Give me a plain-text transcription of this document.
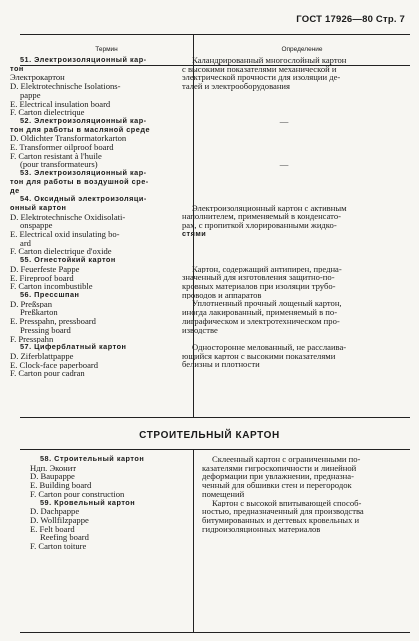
ГОСТ 17926—80 Стр. 7
Термин	Определение
51. Электроизоляционный кар-
тон
Электрокартон
D. Elektrotechnische Isolations-
pappe
E. Electrical insulation board
F. Carton dielectrique
52. Электроизоляционный кар-
тон для работы в масляной среде
D. Oldichter Transformatorkarton
E. Transformer oilproof board
F. Carton resistant à l'huile
(pour transformateurs)
53. Электроизоляционный кар-
тон для работы в воздушной сре-
де
54. Оксидный электроизоляци-
онный картон
D. Elektrotechnische Oxidisolati-
onspappe
E. Electrical oxid insulating bo-
ard
F. Carton dielectrique d'oxide
55. Огнестойкий картон
D. Feuerfeste Pappe
E. Fireproof board
F. Carton incombustible
56. Прессшпан
D. Preßspan
Preßkarton
E. Presspahn, pressboard
Pressing board
F. Presspahn
57. Циферблатный картон
D. Ziferblattpappe
E. Clock-face paperboard
F. Carton pour cadran
Каландрированный многослойный картон
с высокими показателями механической и
электрической прочности для изоляции де-
талей и электрооборудования
—
—
Электроизоляционный картон с активным
наполнителем, применяемый в конденсато-
рах, с пропиткой хлорированными жидко-
стями
Картон, содержащий антипирен, предна-
значенный для изготовления защитно-по-
кровных материалов при изоляции трубо-
проводов и аппаратов
Уплотненный прочный лощеный картон,
иногда лакированный, применяемый в по-
лиграфическом и электротехническом про-
изводстве
Односторонне мелованный, не расслаива-
ющийся картон с высокими показателями
белизны и плотности
СТРОИТЕЛЬНЫЙ КАРТОН
58. Строительный картон
Ндп. Эконит
D. Baupappe
E. Building board
F. Carton pour construction
59. Кровельный картон
D. Dachpappe
D. Wollfilzpappe
E. Felt board
Reefing board
F. Carton toiture
Склеенный картон с ограниченными по-
казателями гигроскопичности и линейной
деформации при увлажнении, предназна-
ченный для обшивки стен и перегородок
помещений
Картон с высокой впитывающей способ-
ностью, предназначенный для производства
битумированных и дегтевых кровельных и
гидроизоляционных материалов
